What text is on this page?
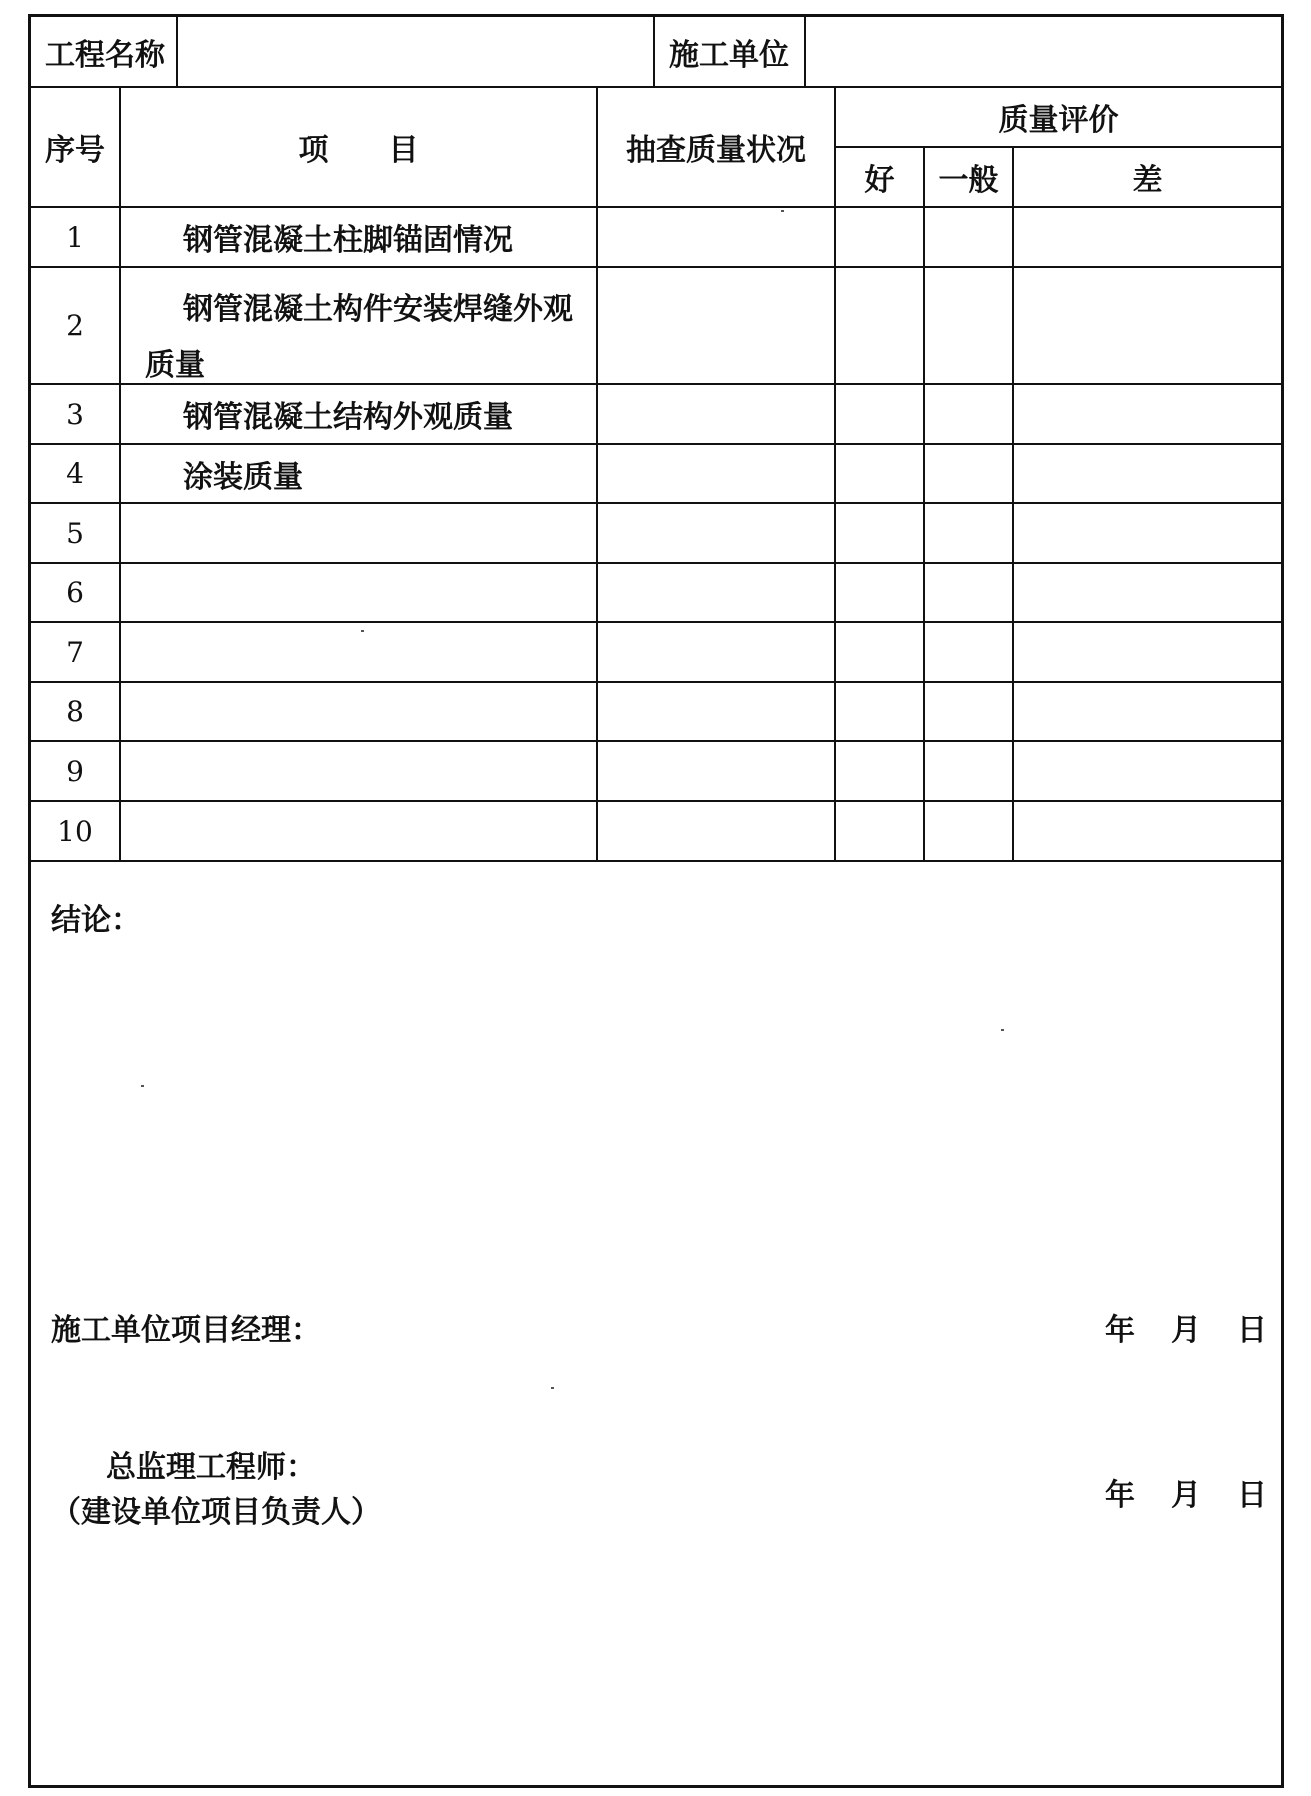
工程名称	施工单位
序号	项　　目	抽查质量状况
质量评价
好	一般	差
1	钢管混凝土柱脚锚固情况
2	钢管混凝土构件安装焊缝外观
质量
3	钢管混凝土结构外观质量
4	涂装质量
5
6
7
8
9
10
结论：
施工单位项目经理：	年 月 日
总监理工程师：
（建设单位项目负责人）	年 月 日
